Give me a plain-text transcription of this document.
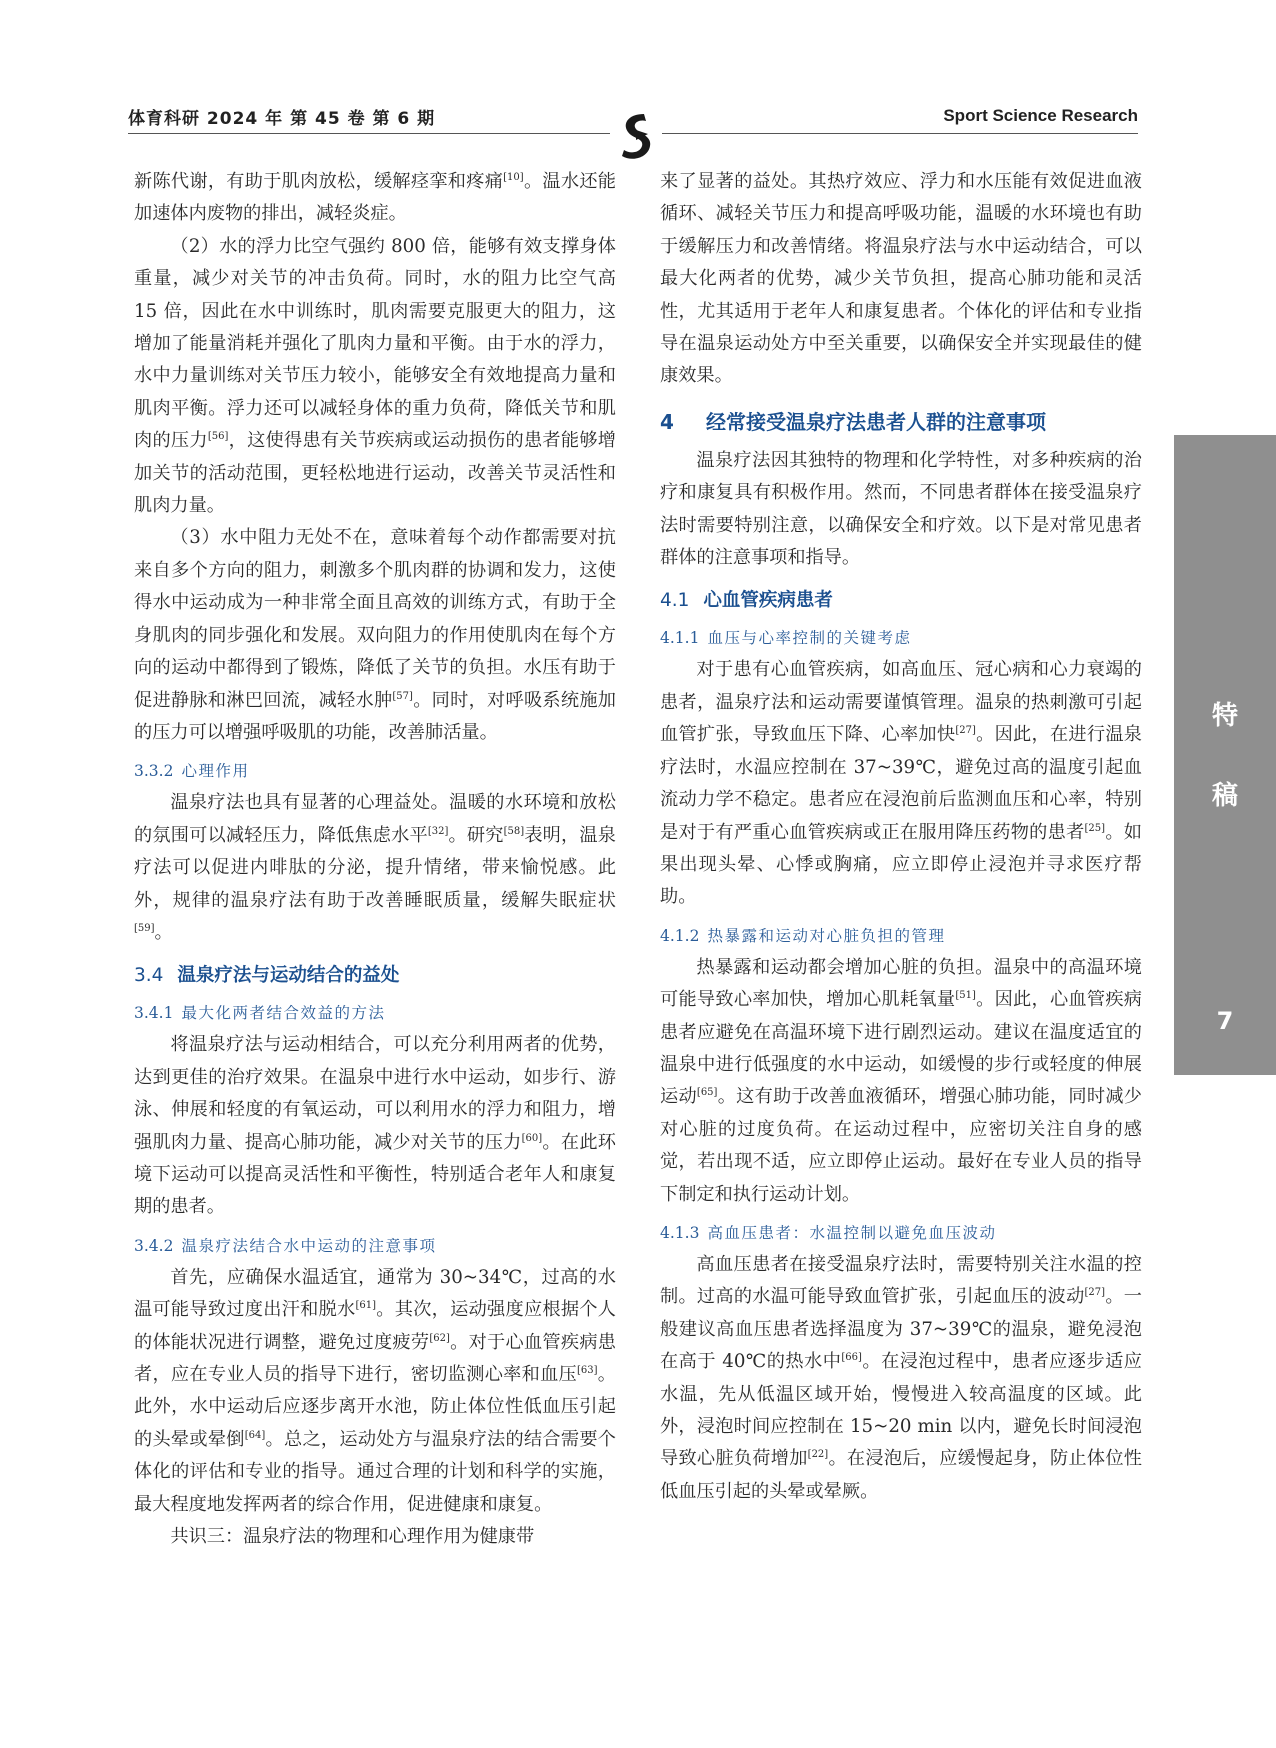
体育科研 2024 年 第 45 卷 第 6 期	Sport Science Research

新陈代谢，有助于肌肉放松，缓解痉挛和疼痛[10]。温水还能加速体内废物的排出，减轻炎症。

（2）水的浮力比空气强约 800 倍，能够有效支撑身体重量，减少对关节的冲击负荷。同时，水的阻力比空气高 15 倍，因此在水中训练时，肌肉需要克服更大的阻力，这增加了能量消耗并强化了肌肉力量和平衡。由于水的浮力，水中力量训练对关节压力较小，能够安全有效地提高力量和肌肉平衡。浮力还可以减轻身体的重力负荷，降低关节和肌肉的压力[56]，这使得患有关节疾病或运动损伤的患者能够增加关节的活动范围，更轻松地进行运动，改善关节灵活性和肌肉力量。

（3）水中阻力无处不在，意味着每个动作都需要对抗来自多个方向的阻力，刺激多个肌肉群的协调和发力，这使得水中运动成为一种非常全面且高效的训练方式，有助于全身肌肉的同步强化和发展。双向阻力的作用使肌肉在每个方向的运动中都得到了锻炼，降低了关节的负担。水压有助于促进静脉和淋巴回流，减轻水肿[57]。同时，对呼吸系统施加的压力可以增强呼吸肌的功能，改善肺活量。

3.3.2 心理作用

温泉疗法也具有显著的心理益处。温暖的水环境和放松的氛围可以减轻压力，降低焦虑水平[32]。研究[58]表明，温泉疗法可以促进内啡肽的分泌，提升情绪，带来愉悦感。此外，规律的温泉疗法有助于改善睡眠质量，缓解失眠症状[59]。

3.4 温泉疗法与运动结合的益处
3.4.1 最大化两者结合效益的方法

将温泉疗法与运动相结合，可以充分利用两者的优势，达到更佳的治疗效果。在温泉中进行水中运动，如步行、游泳、伸展和轻度的有氧运动，可以利用水的浮力和阻力，增强肌肉力量、提高心肺功能，减少对关节的压力[60]。在此环境下运动可以提高灵活性和平衡性，特别适合老年人和康复期的患者。

3.4.2 温泉疗法结合水中运动的注意事项

首先，应确保水温适宜，通常为 30~34℃，过高的水温可能导致过度出汗和脱水[61]。其次，运动强度应根据个人的体能状况进行调整，避免过度疲劳[62]。对于心血管疾病患者，应在专业人员的指导下进行，密切监测心率和血压[63]。此外，水中运动后应逐步离开水池，防止体位性低血压引起的头晕或晕倒[64]。总之，运动处方与温泉疗法的结合需要个体化的评估和专业的指导。通过合理的计划和科学的实施，最大程度地发挥两者的综合作用，促进健康和康复。

共识三：温泉疗法的物理和心理作用为健康带

来了显著的益处。其热疗效应、浮力和水压能有效促进血液循环、减轻关节压力和提高呼吸功能，温暖的水环境也有助于缓解压力和改善情绪。将温泉疗法与水中运动结合，可以最大化两者的优势，减少关节负担，提高心肺功能和灵活性，尤其适用于老年人和康复患者。个体化的评估和专业指导在温泉运动处方中至关重要，以确保安全并实现最佳的健康效果。

4 经常接受温泉疗法患者人群的注意事项

温泉疗法因其独特的物理和化学特性，对多种疾病的治疗和康复具有积极作用。然而，不同患者群体在接受温泉疗法时需要特别注意，以确保安全和疗效。以下是对常见患者群体的注意事项和指导。

4.1 心血管疾病患者
4.1.1 血压与心率控制的关键考虑

对于患有心血管疾病，如高血压、冠心病和心力衰竭的患者，温泉疗法和运动需要谨慎管理。温泉的热刺激可引起血管扩张，导致血压下降、心率加快[27]。因此，在进行温泉疗法时，水温应控制在 37~39℃，避免过高的温度引起血流动力学不稳定。患者应在浸泡前后监测血压和心率，特别是对于有严重心血管疾病或正在服用降压药物的患者[25]。如果出现头晕、心悸或胸痛，应立即停止浸泡并寻求医疗帮助。

4.1.2 热暴露和运动对心脏负担的管理

热暴露和运动都会增加心脏的负担。温泉中的高温环境可能导致心率加快，增加心肌耗氧量[51]。因此，心血管疾病患者应避免在高温环境下进行剧烈运动。建议在温度适宜的温泉中进行低强度的水中运动，如缓慢的步行或轻度的伸展运动[65]。这有助于改善血液循环，增强心肺功能，同时减少对心脏的过度负荷。在运动过程中，应密切关注自身的感觉，若出现不适，应立即停止运动。最好在专业人员的指导下制定和执行运动计划。

4.1.3 高血压患者：水温控制以避免血压波动

高血压患者在接受温泉疗法时，需要特别关注水温的控制。过高的水温可能导致血管扩张，引起血压的波动[27]。一般建议高血压患者选择温度为 37~39℃的温泉，避免浸泡在高于 40℃的热水中[66]。在浸泡过程中，患者应逐步适应水温，先从低温区域开始，慢慢进入较高温度的区域。此外，浸泡时间应控制在 15~20 min 以内，避免长时间浸泡导致心脏负荷增加[22]。在浸泡后，应缓慢起身，防止体位性低血压引起的头晕或晕厥。

特
稿
7
